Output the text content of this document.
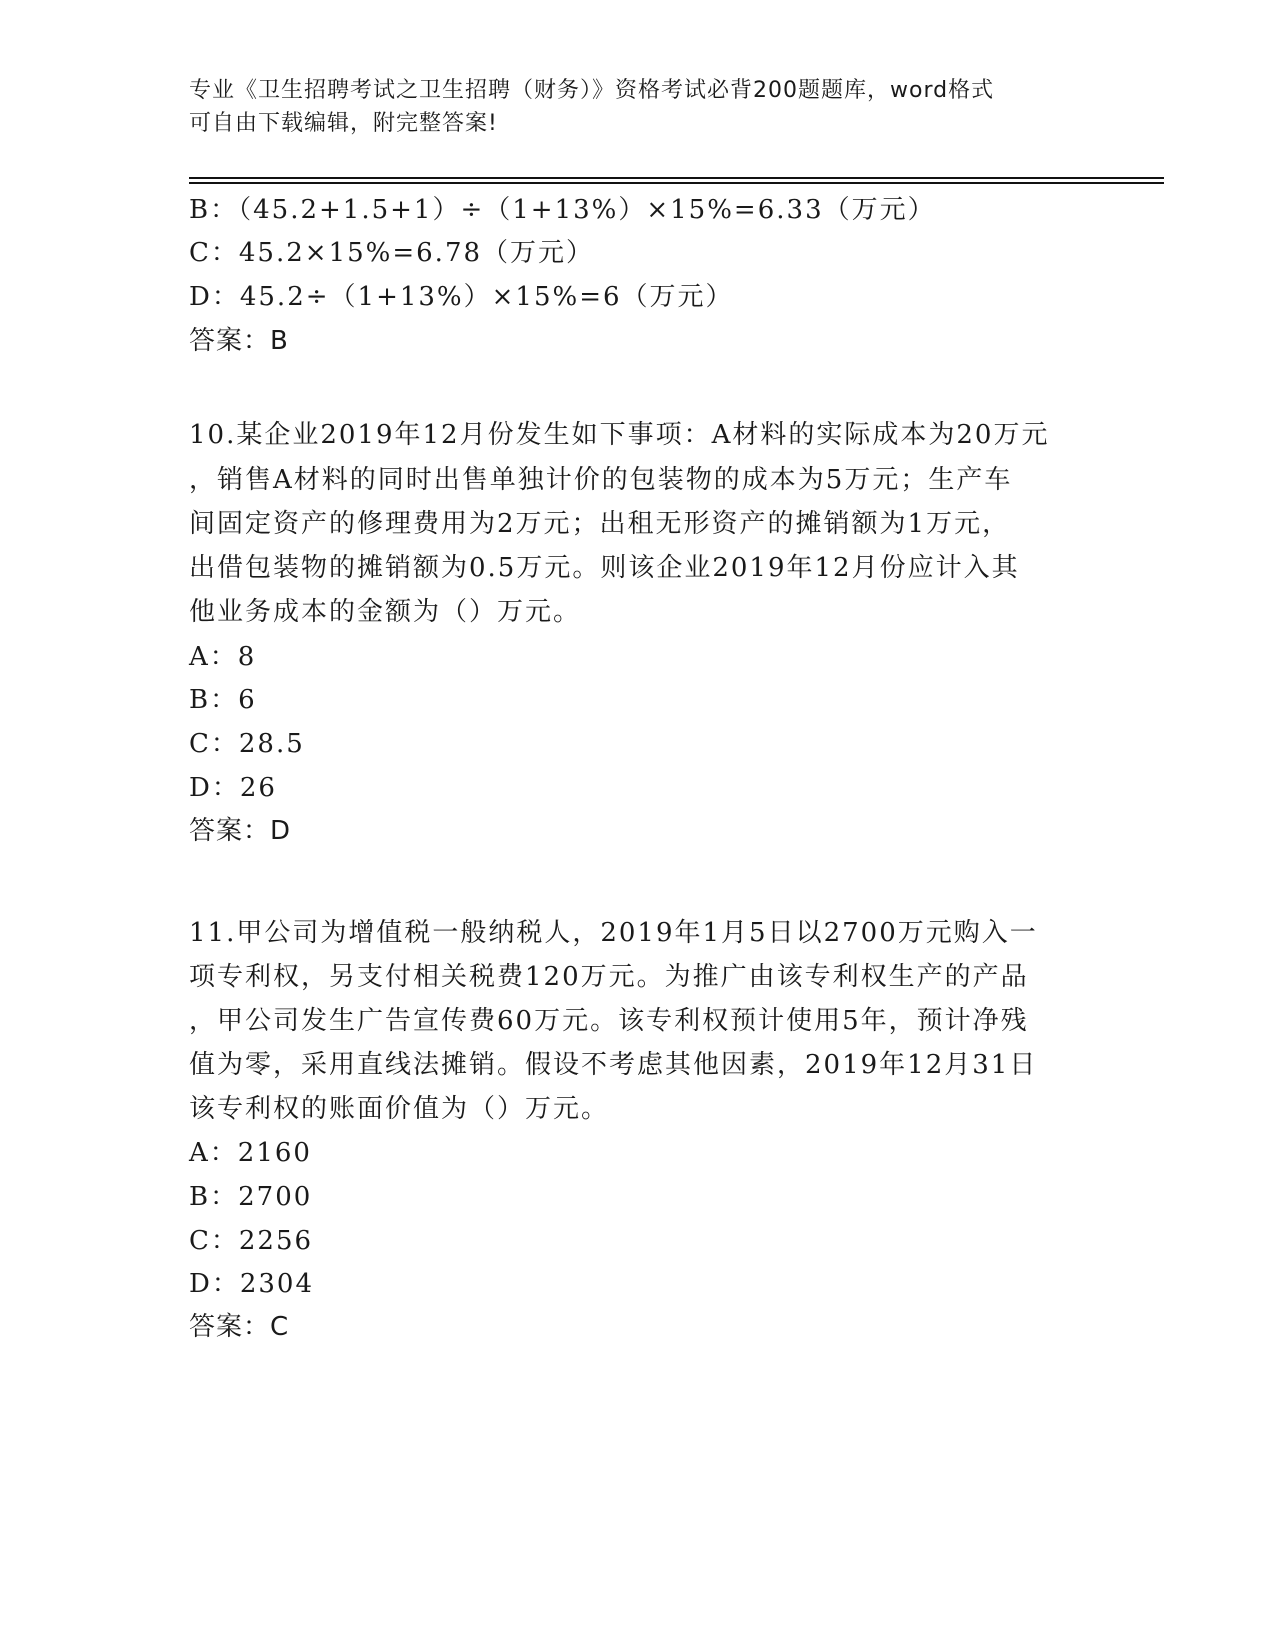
专业《卫生招聘考试之卫生招聘（财务）》资格考试必背200题题库，word格式
可自由下载编辑，附完整答案!
B：（45.2+1.5+1）÷（1+13%）×15%=6.33（万元）
C：45.2×15%=6.78（万元）
D：45.2÷（1+13%）×15%=6（万元）
答案：B
10.某企业2019年12月份发生如下事项：A材料的实际成本为20万元
，销售A材料的同时出售单独计价的包装物的成本为5万元；生产车
间固定资产的修理费用为2万元；出租无形资产的摊销额为1万元，
出借包装物的摊销额为0.5万元。则该企业2019年12月份应计入其
他业务成本的金额为（）万元。
A：8
B：6
C：28.5
D：26
答案：D
11.甲公司为增值税一般纳税人，2019年1月5日以2700万元购入一
项专利权，另支付相关税费120万元。为推广由该专利权生产的产品
，甲公司发生广告宣传费60万元。该专利权预计使用5年，预计净残
值为零，采用直线法摊销。假设不考虑其他因素，2019年12月31日
该专利权的账面价值为（）万元。
A：2160
B：2700
C：2256
D：2304
答案：C
